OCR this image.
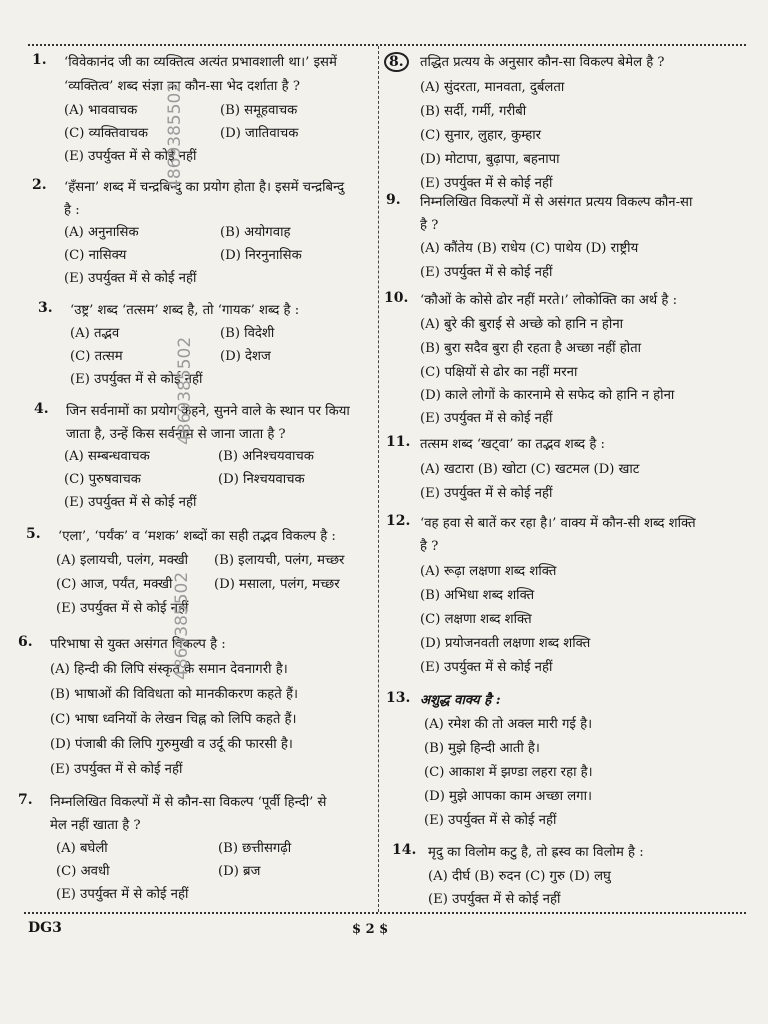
1. ‘विवेकानंद जी का व्यक्तित्व अत्यंत प्रभावशाली था।’ इसमें
‘व्यक्तित्व’ शब्द संज्ञा का कौन-सा भेद दर्शाता है ?
(A) भाववाचक	(B) समूहवाचक
(C) व्यक्तिवाचक	(D) जातिवाचक
(E) उपर्युक्त में से कोई नहीं
2. ‘हँसना’ शब्द में चन्द्रबिन्दु का प्रयोग होता है। इसमें चन्द्रबिन्दु
है :
(A) अनुनासिक	(B) अयोगवाह
(C) नासिक्य	(D) निरनुनासिक
(E) उपर्युक्त में से कोई नहीं
3. ‘उष्ट्र’ शब्द ‘तत्सम’ शब्द है, तो ‘गायक’ शब्द है :
(A) तद्भव	(B) विदेशी
(C) तत्सम	(D) देशज
(E) उपर्युक्त में से कोई नहीं
4. जिन सर्वनामों का प्रयोग कहने, सुनने वाले के स्थान पर किया
जाता है, उन्हें किस सर्वनाम से जाना जाता है ?
(A) सम्बन्धवाचक	(B) अनिश्चयवाचक
(C) पुरुषवाचक	(D) निश्चयवाचक
(E) उपर्युक्त में से कोई नहीं
5. ‘एला’, ‘पर्यंक’ व ‘मशक’ शब्दों का सही तद्भव विकल्प है :
(A) इलायची, पलंग, मक्खी (B) इलायची, पलंग, मच्छर
(C) आज, पर्यंत, मक्खी	(D) मसाला, पलंग, मच्छर
(E) उपर्युक्त में से कोई नहीं
6. परिभाषा से युक्त असंगत विकल्प है :
(A) हिन्दी की लिपि संस्कृत के समान देवनागरी है।
(B) भाषाओं की विविधता को मानकीकरण कहते हैं।
(C) भाषा ध्वनियों के लेखन चिह्न को लिपि कहते हैं।
(D) पंजाबी की लिपि गुरुमुखी व उर्दू की फारसी है।
(E) उपर्युक्त में से कोई नहीं
7. निम्नलिखित विकल्पों में से कौन-सा विकल्प ‘पूर्वी हिन्दी’ से
मेल नहीं खाता है ?
(A) बघेली	(B) छत्तीसगढ़ी
(C) अवधी	(D) ब्रज
(E) उपर्युक्त में से कोई नहीं
8.	तद्धित प्रत्यय के अनुसार कौन-सा विकल्प बेमेल है ?
(A) सुंदरता, मानवता, दुर्बलता
(B) सर्दी, गर्मी, गरीबी
(C) सुनार, लुहार, कुम्हार
(D) मोटापा, बुढ़ापा, बहनापा
(E) उपर्युक्त में से कोई नहीं
9. निम्नलिखित विकल्पों में से असंगत प्रत्यय विकल्प कौन-सा
है ?
(A) कौंतेय (B) राधेय (C) पाथेय (D) राष्ट्रीय
(E) उपर्युक्त में से कोई नहीं
10. ‘कौओं के कोसे ढोर नहीं मरते।’ लोकोक्ति का अर्थ है :
(A) बुरे की बुराई से अच्छे को हानि न होना
(B) बुरा सदैव बुरा ही रहता है अच्छा नहीं होता
(C) पक्षियों से ढोर का नहीं मरना
(D) काले लोगों के कारनामे से सफेद को हानि न होना
(E) उपर्युक्त में से कोई नहीं
11. तत्सम शब्द ‘खट्वा’ का तद्भव शब्द है :
(A) खटारा (B) खोटा (C) खटमल (D) खाट
(E) उपर्युक्त में से कोई नहीं
12. ‘वह हवा से बातें कर रहा है।’ वाक्य में कौन-सी शब्द शक्ति
है ?
(A) रूढ़ा लक्षणा शब्द शक्ति
(B) अभिधा शब्द शक्ति
(C) लक्षणा शब्द शक्ति
(D) प्रयोजनवती लक्षणा शब्द शक्ति
(E) उपर्युक्त में से कोई नहीं
13. अशुद्ध वाक्य है :
(A) रमेश की तो अक्ल मारी गई है।
(B) मुझे हिन्दी आती है।
(C) आकाश में झण्डा लहरा रहा है।
(D) मुझे आपका काम अच्छा लगा।
(E) उपर्युक्त में से कोई नहीं
14. मृदु का विलोम कटु है, तो ह्रस्व का विलोम है :
(A) दीर्घ (B) रुदन (C) गुरु (D) लघु
(E) उपर्युक्त में से कोई नहीं
4869385502
4869385502
4869385502
DG3	$ 2 $
